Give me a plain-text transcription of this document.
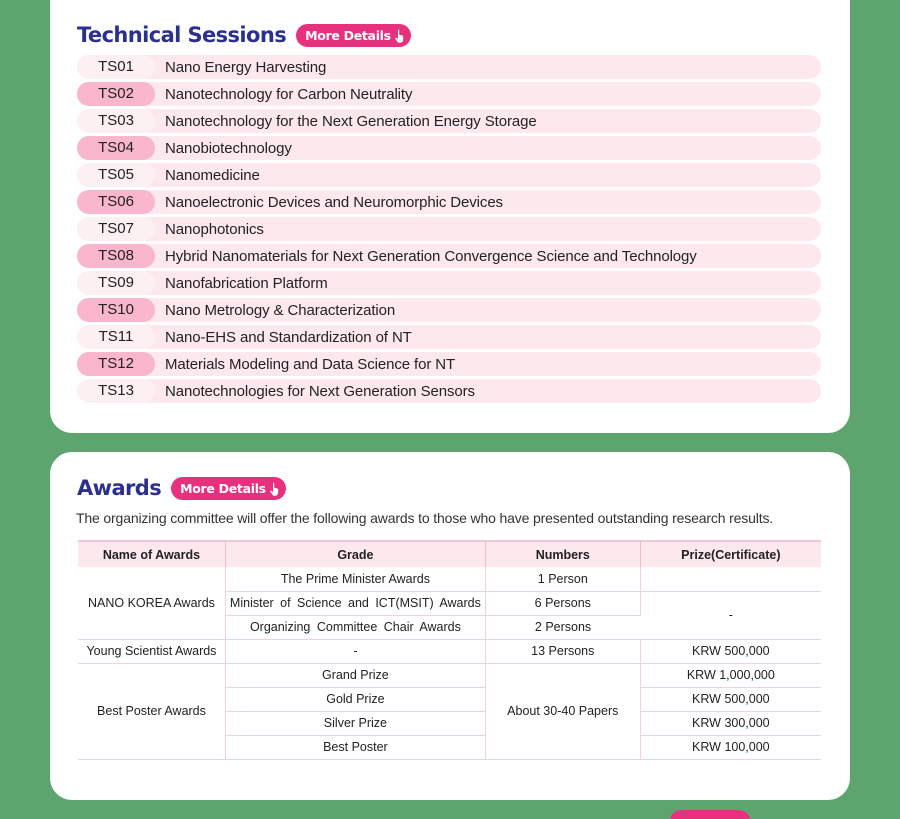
Technical Sessions	More Details
TS01	Nano Energy Harvesting
TS02	Nanotechnology for Carbon Neutrality
TS03	Nanotechnology for the Next Generation Energy Storage
TS04	Nanobiotechnology
TS05	Nanomedicine
TS06	Nanoelectronic Devices and Neuromorphic Devices
TS07	Nanophotonics
TS08	Hybrid Nanomaterials for Next Generation Convergence Science and Technology
TS09	Nanofabrication Platform
TS10	Nano Metrology & Characterization
TS11	Nano-EHS and Standardization of NT
TS12	Materials Modeling and Data Science for NT
TS13	Nanotechnologies for Next Generation Sensors
Awards	More Details

The organizing committee will offer the following awards to those who have presented outstanding research results.

Name of Awards	Grade	Numbers	Prize(Certificate)
NANO KOREA Awards	The Prime Minister Awards	1 Person	
	Minister of Science and ICT(MSIT) Awards	6 Persons	-
	Organizing Committee Chair Awards	2 Persons	
Young Scientist Awards	-	13 Persons	KRW 500,000
Best Poster Awards	Grand Prize	About 30-40 Papers	KRW 1,000,000
	Gold Prize		KRW 500,000
	Silver Prize		KRW 300,000
	Best Poster		KRW 100,000
